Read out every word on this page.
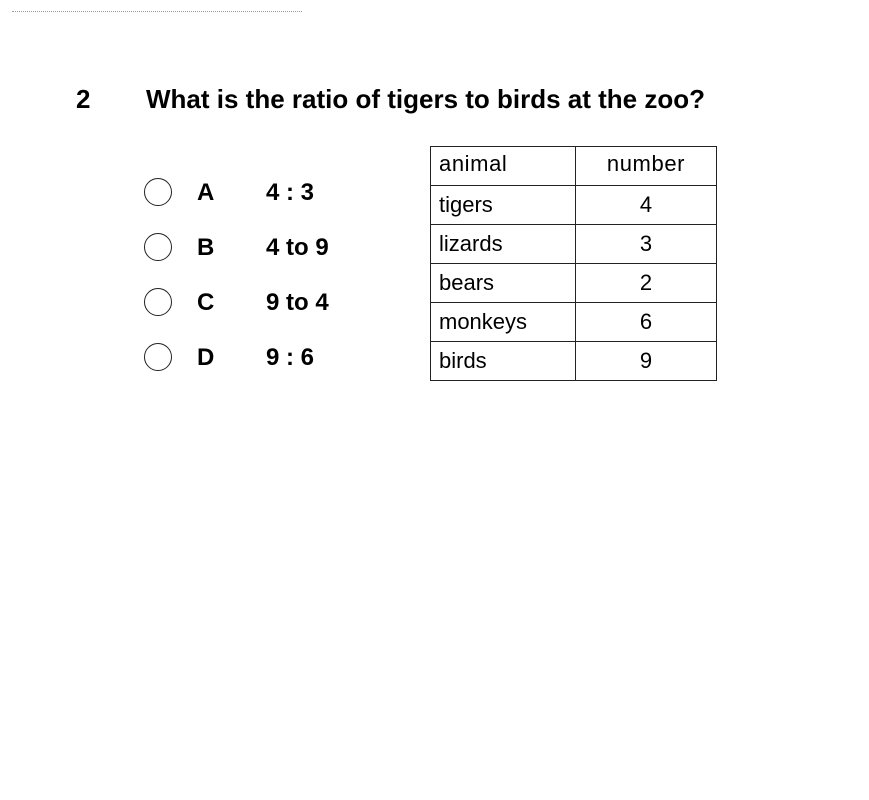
2 What is the ratio of tigers to birds at the zoo?
A 4 : 3
B 4 to 9
C 9 to 4
D 9 : 6
animal	number
tigers	4
lizards	3
bears	2
monkeys	6
birds	9
